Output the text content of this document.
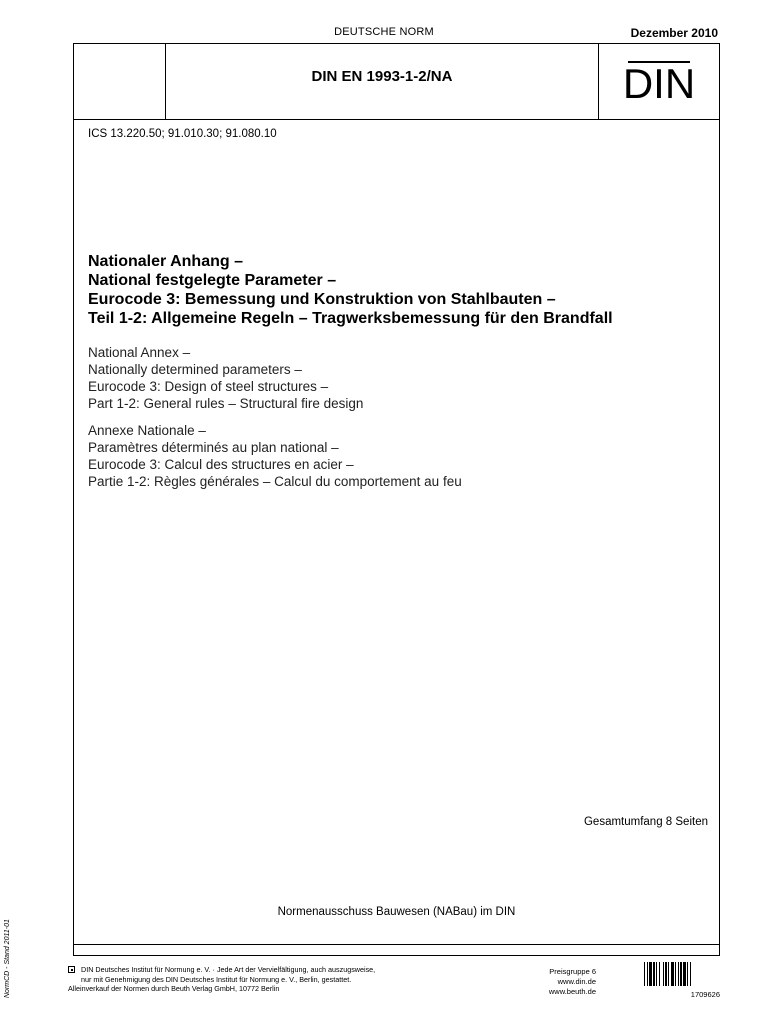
DEUTSCHE NORM	Dezember 2010
DIN EN 1993-1-2/NA	DIN
ICS 13.220.50; 91.010.30; 91.080.10
Nationaler Anhang –
National festgelegte Parameter –
Eurocode 3: Bemessung und Konstruktion von Stahlbauten –
Teil 1-2: Allgemeine Regeln – Tragwerksbemessung für den Brandfall
National Annex –
Nationally determined parameters –
Eurocode 3: Design of steel structures –
Part 1-2: General rules – Structural fire design
Annexe Nationale –
Paramètres déterminés au plan national –
Eurocode 3: Calcul des structures en acier –
Partie 1-2: Règles générales – Calcul du comportement au feu
Gesamtumfang 8 Seiten
Normenausschuss Bauwesen (NABau) im DIN
NormCD - Stand 2011-01	DIN Deutsches Institut für Normung e. V. · Jede Art der Vervielfältigung, auch auszugsweise,
nur mit Genehmigung des DIN Deutsches Institut für Normung e. V., Berlin, gestattet.
Alleinverkauf der Normen durch Beuth Verlag GmbH, 10772 Berlin
Preisgruppe 6
www.din.de
www.beuth.de	1709626
